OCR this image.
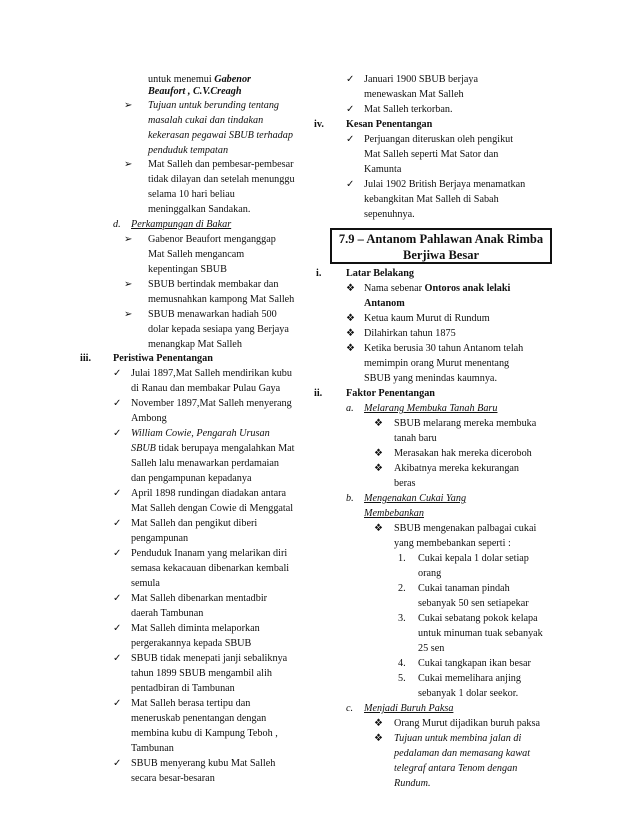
untuk menemui Gabenor
Beaufort , C.V.Creagh
➢ Tujuan untuk berunding tentang
masalah cukai dan tindakan
kekerasan pegawai SBUB terhadap
penduduk tempatan
➢ Mat Salleh dan pembesar-pembesar
tidak dilayan dan setelah menunggu
selama 10 hari beliau
meninggalkan Sandakan.
d. Perkampungan di Bakar
➢ Gabenor Beaufort menganggap
Mat Salleh mengancam
kepentingan SBUB
➢ SBUB bertindak membakar dan
memusnahkan kampong Mat Salleh
➢ SBUB menawarkan hadiah 500
dolar kepada sesiapa yang Berjaya
menangkap Mat Salleh
iii. Peristiwa Penentangan
✓ Julai 1897,Mat Salleh mendirikan kubu
di Ranau dan membakar Pulau Gaya
✓ November 1897,Mat Salleh menyerang
Ambong
✓ William Cowie, Pengarah Urusan
SBUB tidak berupaya mengalahkan Mat
Salleh lalu menawarkan perdamaian
dan pengampunan kepadanya
✓ April 1898 rundingan diadakan antara
Mat Salleh dengan Cowie di Menggatal
✓ Mat Salleh dan pengikut diberi
pengampunan
✓ Penduduk Inanam yang melarikan diri
semasa kekacauan dibenarkan kembali
semula
✓ Mat Salleh dibenarkan mentadbir
daerah Tambunan
✓ Mat Salleh diminta melaporkan
pergerakannya kepada SBUB
✓ SBUB tidak menepati janji sebaliknya
tahun 1899 SBUB mengambil alih
pentadbiran di Tambunan
✓ Mat Salleh berasa tertipu dan
meneruskab penentangan dengan
membina kubu di Kampung Teboh ,
Tambunan
✓ SBUB menyerang kubu Mat Salleh
secara besar-besaran
✓ Januari 1900 SBUB berjaya
menewaskan Mat Salleh
✓ Mat Salleh terkorban.
iv. Kesan Penentangan
✓ Perjuangan diteruskan oleh pengikut
Mat Salleh seperti Mat Sator dan
Kamunta
✓ Julai 1902 British Berjaya menamatkan
kebangkitan Mat Salleh di Sabah
sepenuhnya.
7.9 – Antanom Pahlawan Anak Rimba
Berjiwa Besar
i. Latar Belakang
❖ Nama sebenar Ontoros anak lelaki
Antanom
❖ Ketua kaum Murut di Rundum
❖ Dilahirkan tahun 1875
❖ Ketika berusia 30 tahun Antanom telah
memimpin orang Murut menentang
SBUB yang menindas kaumnya.
ii. Faktor Penentangan
a. Melarang Membuka Tanah Baru
❖ SBUB melarang mereka membuka
tanah baru
❖ Merasakan hak mereka diceroboh
❖ Akibatnya mereka kekurangan
beras
b. Mengenakan Cukai Yang
Membebankan
❖ SBUB mengenakan palbagai cukai
yang membebankan seperti :
1. Cukai kepala 1 dolar setiap
orang
2. Cukai tanaman pindah
sebanyak 50 sen setiapekar
3. Cukai sebatang pokok kelapa
untuk minuman tuak sebanyak
25 sen
4. Cukai tangkapan ikan besar
5. Cukai memelihara anjing
sebanyak 1 dolar seekor.
c. Menjadi Buruh Paksa
❖ Orang Murut dijadikan buruh paksa
❖ Tujuan untuk membina jalan di
pedalaman dan memasang kawat
telegraf antara Tenom dengan
Rundum.
